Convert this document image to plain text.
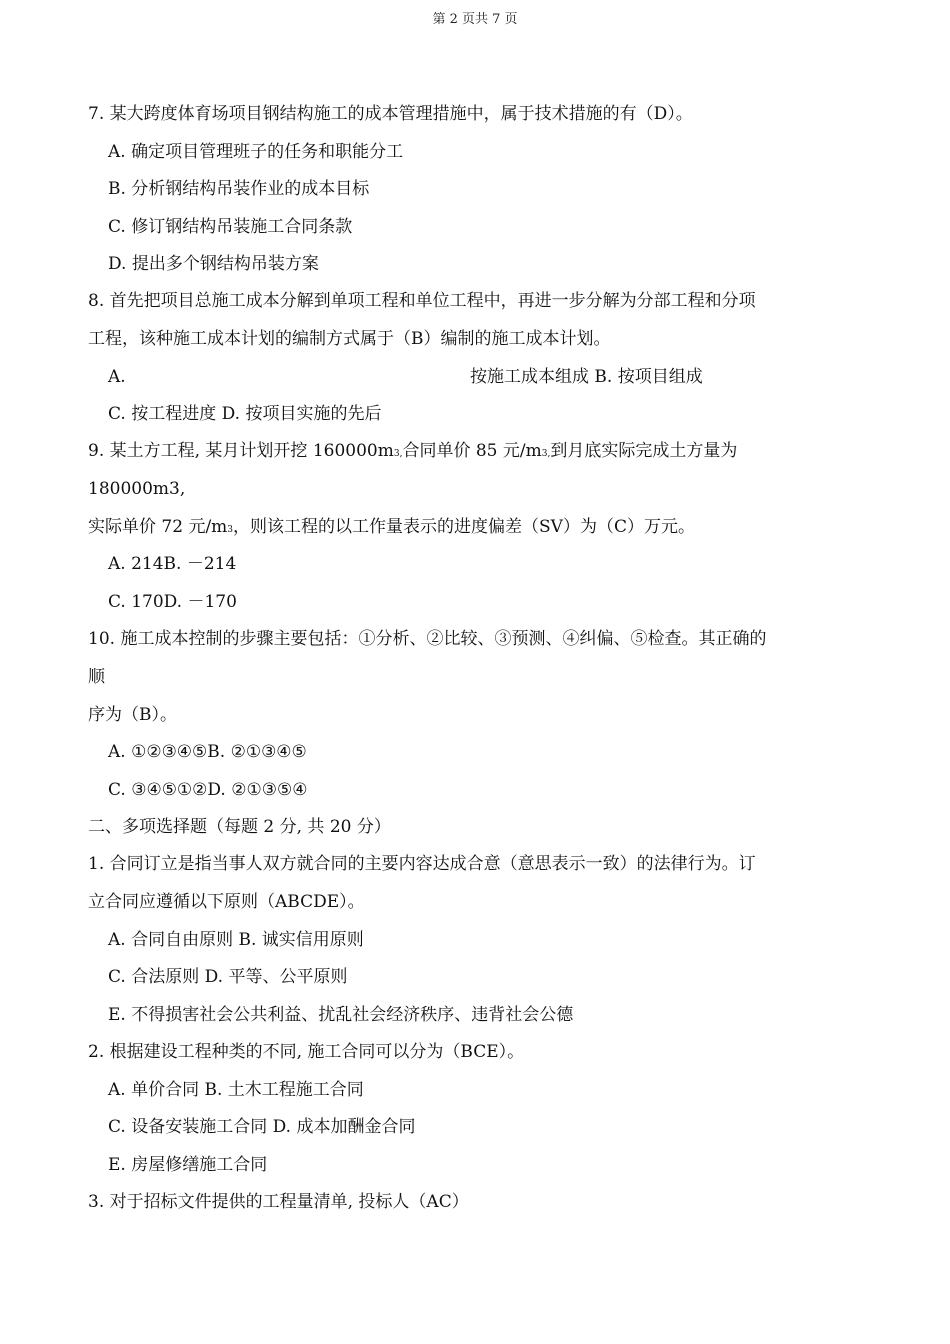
第 2 页共 7 页
7. 某大跨度体育场项目钢结构施工的成本管理措施中，属于技术措施的有（D）。
A. 确定项目管理班子的任务和职能分工
B. 分析钢结构吊装作业的成本目标
C. 修订钢结构吊装施工合同条款
D. 提出多个钢结构吊装方案
8. 首先把项目总施工成本分解到单项工程和单位工程中，再进一步分解为分部工程和分项
工程，该种施工成本计划的编制方式属于（B）编制的施工成本计划。
A.	按施工成本组成 B. 按项目组成
C. 按工程进度 D. 按项目实施的先后
9. 某土方工程, 某月计划开挖 160000m3,合同单价 85 元/m3,到月底实际完成土方量为
180000m3,
实际单价 72 元/m3，则该工程的以工作量表示的进度偏差（SV）为（C）万元。
A. 214B. －214
C. 170D. －170
10. 施工成本控制的步骤主要包括：①分析、②比较、③预测、④纠偏、⑤检查。其正确的
顺
序为（B）。
A. ①②③④⑤B. ②①③④⑤
C. ③④⑤①②D. ②①③⑤④
二、多项选择题（每题 2 分, 共 20 分）
1. 合同订立是指当事人双方就合同的主要内容达成合意（意思表示一致）的法律行为。订
立合同应遵循以下原则（ABCDE）。
A. 合同自由原则 B. 诚实信用原则
C. 合法原则 D. 平等、公平原则
E. 不得损害社会公共利益、扰乱社会经济秩序、违背社会公德
2. 根据建设工程种类的不同, 施工合同可以分为（BCE）。
A. 单价合同 B. 土木工程施工合同
C. 设备安装施工合同 D. 成本加酬金合同
E. 房屋修缮施工合同
3. 对于招标文件提供的工程量清单, 投标人（AC）
